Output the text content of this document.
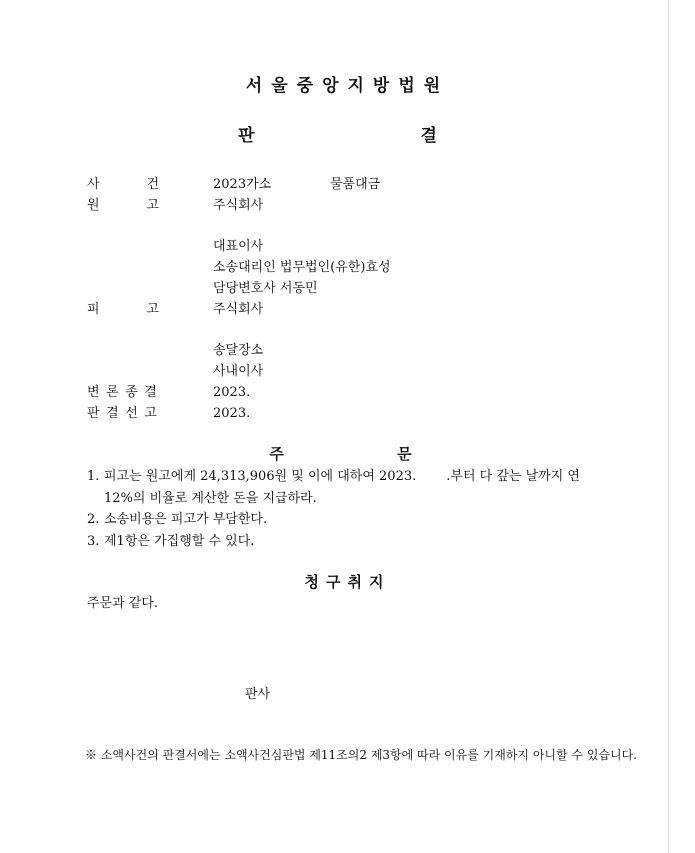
서울중앙지방법원
판 결
사	건	2023가소	물품대금
원	고	주식회사
대표이사
소송대리인 법무법인(유한)효성
담당변호사 서동민
피	고	주식회사
송달장소
사내이사
변 론 종 결	2023.
판 결 선 고	2023.
주 문
1. 피고는 원고에게 24,313,906원 및 이에 대하여 2023. .부터 다 갚는 날까지 연
12%의 비율로 계산한 돈을 지급하라.
2. 소송비용은 피고가 부담한다.
3. 제1항은 가집행할 수 있다.
청구취지
주문과 같다.
판사
※ 소액사건의 판결서에는 소액사건심판법 제11조의2 제3항에 따라 이유를 기재하지 아니할 수 있습니다.
